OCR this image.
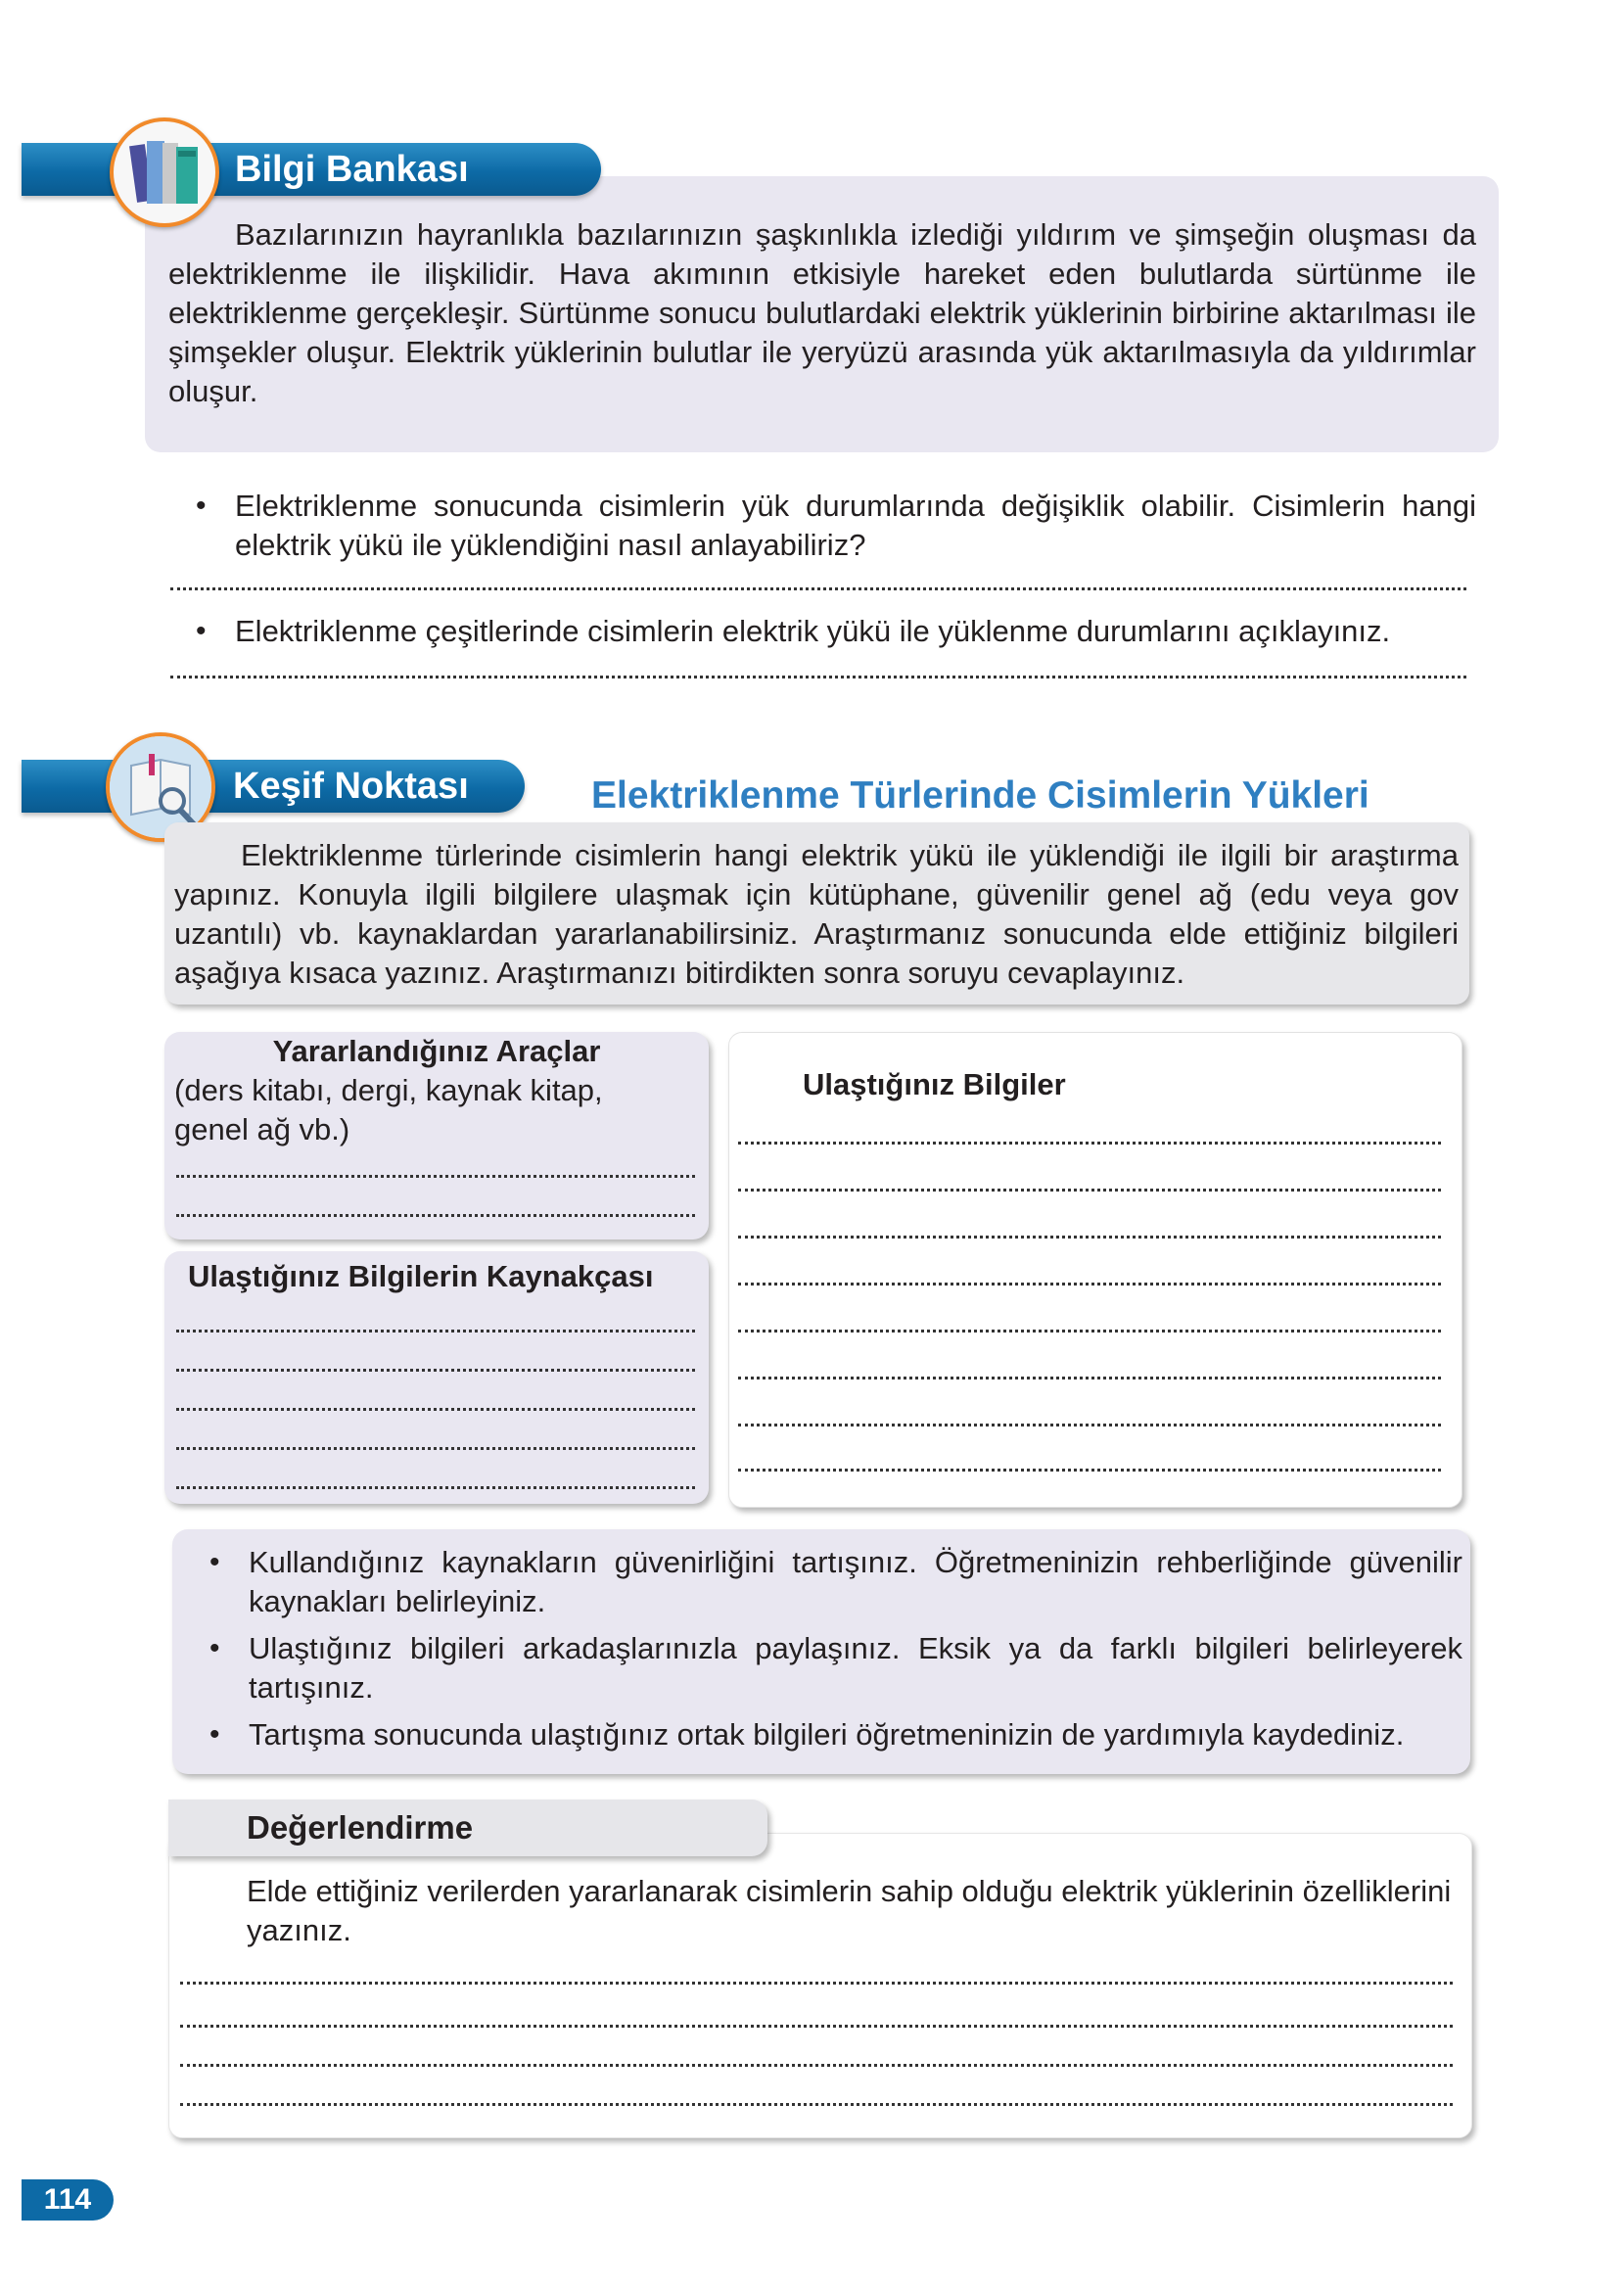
Bilgi Bankası
Bazılarınızın hayranlıkla bazılarınızın şaşkınlıkla izlediği yıldırım ve şimşeğin oluşması da elektriklenme ile ilişkilidir. Hava akımının etkisiyle hareket eden bulutlarda sürtünme ile elektriklenme gerçekleşir. Sürtünme sonucu bulutlardaki elektrik yüklerinin birbirine aktarılması ile şimşekler oluşur. Elektrik yüklerinin bulutlar ile yeryüzü arasında yük aktarılmasıyla da yıldırımlar oluşur.
• Elektriklenme sonucunda cisimlerin yük durumlarında değişiklik olabilir. Cisimlerin hangi elektrik yükü ile yüklendiğini nasıl anlayabiliriz?
• Elektriklenme çeşitlerinde cisimlerin elektrik yükü ile yüklenme durumlarını açıklayınız.
Keşif Noktası	Elektriklenme Türlerinde Cisimlerin Yükleri
Elektriklenme türlerinde cisimlerin hangi elektrik yükü ile yüklendiği ile ilgili bir araştırma yapınız. Konuyla ilgili bilgilere ulaşmak için kütüphane, güvenilir genel ağ (edu veya gov uzantılı) vb. kaynaklardan yararlanabilirsiniz. Araştırmanız sonucunda elde ettiğiniz bilgileri aşağıya kısaca yazınız. Araştırmanızı bitirdikten sonra soruyu cevaplayınız.
Yararlandığınız Araçlar
(ders kitabı, dergi, kaynak kitap, genel ağ vb.)
Ulaştığınız Bilgilerin Kaynakçası
Ulaştığınız Bilgiler
• Kullandığınız kaynakların güvenirliğini tartışınız. Öğretmeninizin rehberliğinde güvenilir kaynakları belirleyiniz.
• Ulaştığınız bilgileri arkadaşlarınızla paylaşınız. Eksik ya da farklı bilgileri belirleyerek tartışınız.
• Tartışma sonucunda ulaştığınız ortak bilgileri öğretmeninizin de yardımıyla kaydediniz.
Değerlendirme
Elde ettiğiniz verilerden yararlanarak cisimlerin sahip olduğu elektrik yüklerinin özelliklerini yazınız.
114
